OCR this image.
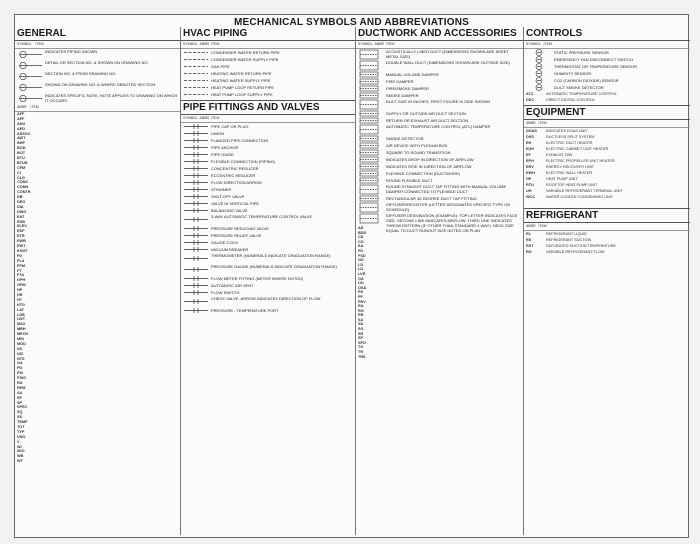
MECHANICAL SYMBOLS AND ABBREVIATIONS
GENERAL
SYMBOL ITEM
INDICATES PIPING SHOWN
DETAIL OR SECTION NO. & SHOWN ON DRAWING NO.
SECTION NO. & FROM DRAWING NO.
SHOWN ON DRAWING NO. & WHERE DENOTED SECTION
INDICATES SPECIFIC NOTE, NOTE APPLIES TO DRAWING ON WHICH IT OCCURS
ABBR ITEM
AFF
AFF
AHU
APD
ASSOC
AWT
BHP
BOD
BOT
BTU
BTUH
CFM
CI
CLG
CONC
CONN
CONTR
DB
DEG
DIA
DWG
EAT
EDB
ELEV
ESP
ETR
EWB
EWT
EXIST
FD
FLA
FPM
FT
FTA
GPH
GPM
HP
HR
HT
HTG
LAT
LDB
LWT
MAX
MBH
MECH
MIN
MOD
NC
NIC
NTS
OA
PD
PSI
PSIG
RA
RPM
SA
SF
SP
SPEC
SQ
SS
TEMP
TOT
TYP
UNO
V
W/
W/O
WB
WT
HVAC PIPING
SYMBOL ABBR ITEM
CONDENSER WATER RETURN PIPE
CONDENSER WATER SUPPLY PIPE
GAS PIPE
HEATING WATER RETURN PIPE
HEATING WATER SUPPLY PIPE
HEAT PUMP LOOP RETURN PIPE
HEAT PUMP LOOP SUPPLY PIPE
PIPE FITTINGS AND VALVES
SYMBOL ABBR ITEM
PIPE CAP OR PLUG
UNION
FLANGED PIPE CONNECTION
PIPE ANCHOR
PIPE GUIDE
FLEXIBLE CONNECTION (PIPING)
CONCENTRIC REDUCER
ECCENTRIC REDUCER
FLOW DIRECTION ARROW
STRAINER
SHUT-OFF VALVE
VALVE IN VERTICAL PIPE
BALANCING VALVE
3-WAY AUTOMATIC TEMPERATURE CONTROL VALVE
PRESSURE REDUCING VALVE
PRESSURE RELIEF VALVE
GAUGE COCK
VACUUM BREAKER
THERMOMETER (NUMERALS INDICATE GRADUATION RANGE)
PRESSURE GAUGE (NUMERALS INDICATE GRADUATION RANGE)
FLOW METER FITTING (METER WHERE NOTED)
AUTOMATIC AIR VENT
FLOW SWITCH
CHECK VALVE, ARROW INDICATES DIRECTION OF FLOW
PRESSURE - TEMPERATURE PORT
DUCTWORK AND ACCESSORIES
SYMBOL ABBR ITEM
ACOUSTICALLY LINED DUCT (DIMENSIONS SHOWN ARE SHEET METAL SIZE)
DOUBLE WALL DUCT (DIMENSIONS SHOWN ARE OUTSIDE SIZE)
MANUAL VOLUME DAMPER
FIRE DAMPER
FIRE/SMOKE DAMPER
SMOKE DAMPER
DUCT SIZE IN INCHES, FIRST FIGURE IS SIDE SHOWN
SUPPLY OR OUTSIDE AIR DUCT SECTION
RETURN OR EXHAUST AIR DUCT SECTION
AUTOMATIC TEMPERATURE CONTROL (ATC) DAMPER
SMOKE DETECTOR
AIR DEVICE WITH PLENUM BOX
SQUARE TO ROUND TRANSITION
INDICATES DROP IN DIRECTION OF AIRFLOW
INDICATES RISE IN DIRECTION OF AIRFLOW
FLEXIBLE CONNECTION (DUCTWORK)
ROUND FLEXIBLE DUCT
ROUND STRAIGHT DUCT TAP FITTING WITH MANUAL VOLUME DAMPER CONNECTED TO FLEXIBLE DUCT
RECTANGULAR 45 DEGREE DUCT TAP FITTING
DIFFUSER/REGISTER (LETTER DESIGNATES SPECIFIC TYPE ON SCHEDULE)
DIFFUSER DESIGNATION (EXAMPLE): TOP LETTER INDICATES FACE SIZE, SECOND LINE INDICATES AIRFLOW. THIRD LINE INDICATES THROW PATTERN (IF OTHER THAN STANDARD 4 WAY). NECK SIZE EQUAL TO DUCT RUNOUT SIZE NOTED ON PLAN
AD
BDD
CD
CO
EA
FD
FSD
GD
LD
LD
LVR
OA
OD
OSA
PD
PF
PRV
RA
RG
RR
SA
SD
SG
SR
SP
SPD
TG
TR
TRS
CONTROLS
SYMBOL ITEM
STATIC PRESSURE SENSOR
EMERGENCY FAN DISCONNECT SWITCH
THERMOSTAT OR TEMPERATURE SENSOR
HUMIDITY SENSOR
CO2 (CARBON DIOXIDE) SENSOR
DUCT SMOKE DETECTOR
ATC	AUTOMATIC TEMPERATURE CONTROL
DDC	DIRECT DIGITAL CONTROL
EQUIPMENT
ABBR ITEM
DOAS	INDICATES DOAS UNIT
DSS	DUCTLESS SPLIT SYSTEM
EH	ELECTRIC DUCT HEATER
EUH	ELECTRIC CABINET UNIT HEATER
EF	EXHAUST FAN
EPH	ELECTRIC PROPELLER UNIT HEATER
ERV	ENERGY RECOVERY UNIT
EWH	ELECTRIC WALL HEATER
HP	HEAT PUMP UNIT
RTU	ROOFTOP HEAT PUMP UNIT
UH	VARIABLE REFRIGERANT TERMINAL UNIT
WCC	WATER COOLED CONDENSING UNIT
REFRIGERANT
ABBR ITEM
RL	REFRIGERANT LIQUID
RS	REFRIGERANT SUCTION
RST	SATURATED SUCTION TEMPERATURE
RG	VARIABLE REFRIGERANT FLOW
